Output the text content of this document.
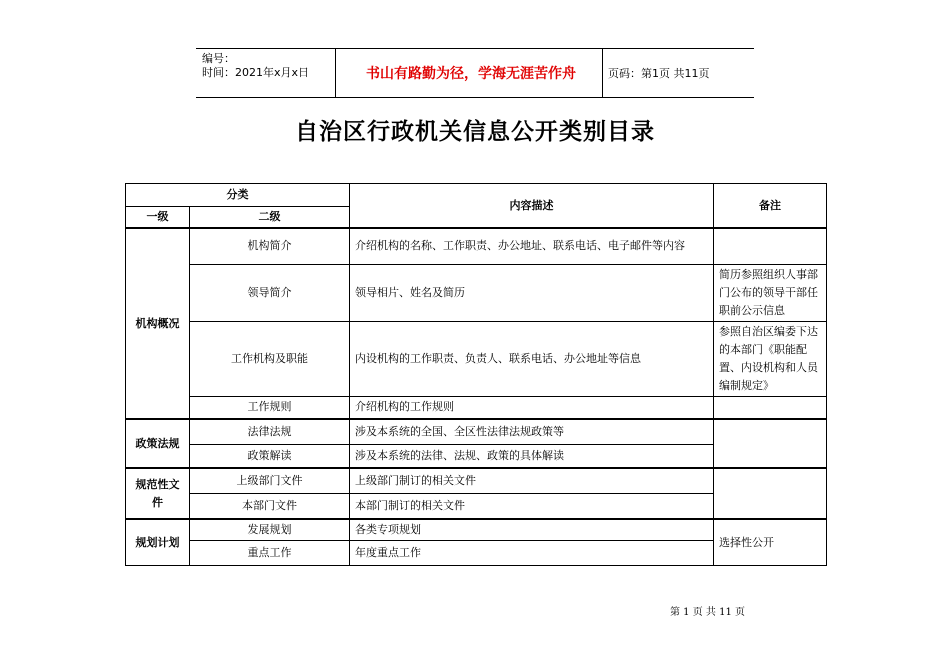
编号：
时间：2021年x月x日	书山有路勤为径，学海无涯苦作舟	页码：第1页 共11页
自治区行政机关信息公开类别目录
分类		内容描述	备注
一级	二级		
机构概况	机构简介	介绍机构的名称、工作职责、办公地址、联系电话、电子邮件等内容	
	领导简介	领导相片、姓名及简历	简历参照组织人事部门公布的领导干部任职前公示信息
	工作机构及职能	内设机构的工作职责、负责人、联系电话、办公地址等信息	参照自治区编委下达的本部门《职能配置、内设机构和人员编制规定》
	工作规则	介绍机构的工作规则	
政策法规	法律法规	涉及本系统的全国、全区性法律法规政策等	
	政策解读	涉及本系统的法律、法规、政策的具体解读	
规范性文件	上级部门文件	上级部门制订的相关文件	
	本部门文件	本部门制订的相关文件	
规划计划	发展规划	各类专项规划	选择性公开
	重点工作	年度重点工作	
第 1 页 共 11 页
